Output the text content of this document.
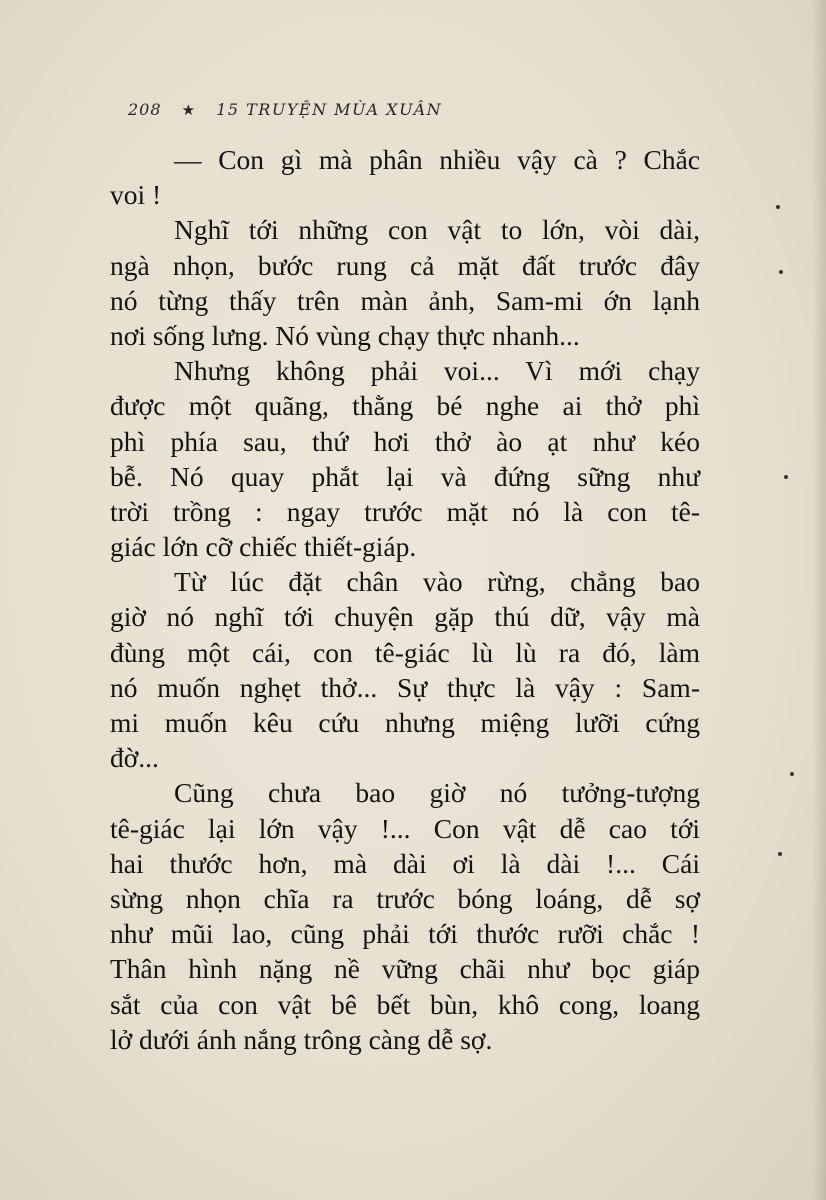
208 ★ 15 TRUYỆN MÙA XUÂN
— Con gì mà phân nhiều vậy cà ? Chắc
voi !
Nghĩ tới những con vật to lớn, vòi dài,
ngà nhọn, bước rung cả mặt đất trước đây
nó từng thấy trên màn ảnh, Sam-mi ớn lạnh
nơi sống lưng. Nó vùng chạy thực nhanh...
Nhưng không phải voi... Vì mới chạy
được một quãng, thằng bé nghe ai thở phì
phì phía sau, thứ hơi thở ào ạt như kéo
bễ. Nó quay phắt lại và đứng sững như
trời trồng : ngay trước mặt nó là con tê-
giác lớn cỡ chiếc thiết-giáp.
Từ lúc đặt chân vào rừng, chẳng bao
giờ nó nghĩ tới chuyện gặp thú dữ, vậy mà
đùng một cái, con tê-giác lù lù ra đó, làm
nó muốn nghẹt thở... Sự thực là vậy : Sam-
mi muốn kêu cứu nhưng miệng lưỡi cứng
đờ...
Cũng chưa bao giờ nó tưởng-tượng
tê-giác lại lớn vậy !... Con vật dễ cao tới
hai thước hơn, mà dài ơi là dài !... Cái
sừng nhọn chĩa ra trước bóng loáng, dễ sợ
như mũi lao, cũng phải tới thước rưỡi chắc !
Thân hình nặng nề vững chãi như bọc giáp
sắt của con vật bê bết bùn, khô cong, loang
lở dưới ánh nắng trông càng dễ sợ.
